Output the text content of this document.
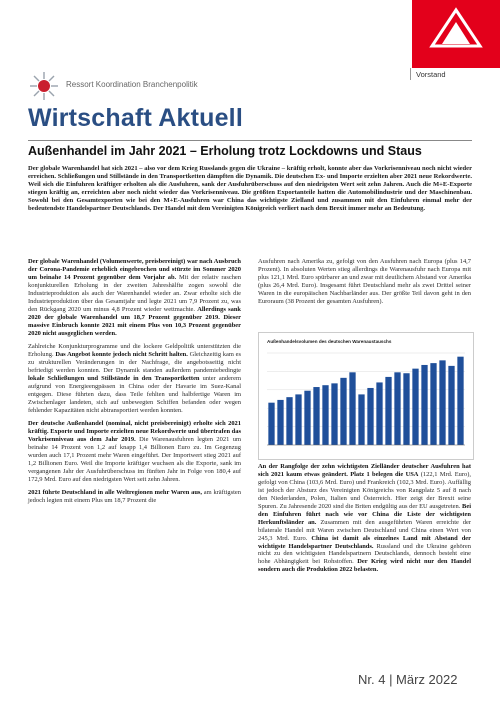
Vorstand
Ressort Koordination Branchenpolitik
Wirtschaft Aktuell
Außenhandel im Jahr 2021 – Erholung trotz Lockdowns und Staus
Der globale Warenhandel hat sich 2021 – also vor dem Krieg Russlands gegen die Ukraine – kräftig erholt, konnte aber das Vorkrisenniveau noch nicht wieder erreichen. Schließungen und Stillstände in den Transportketten dämpften die Dynamik. Die deutschen Ex- und Importe erzielten aber 2021 neue Rekordwerte. Weil sich die Einfuhren kräftiger erholten als die Ausfuhren, sank der Ausfuhrüberschuss auf den niedrigsten Wert seit zehn Jahren. Auch die M+E-Exporte stiegen kräftig an, erreichten aber noch nicht wieder das Vorkrisenniveau. Die größten Exportanteile hatten die Automobilindustrie und der Maschinenbau. Sowohl bei den Gesamtexporten wie bei den M+E-Ausfuhren war China das wichtigste Zielland und zusammen mit den Einfuhren einmal mehr der bedeutendste Handelspartner Deutschlands. Der Handel mit dem Vereinigten Königreich verliert nach dem Brexit immer mehr an Bedeutung.

Der globale Warenhandel (Volumenwerte, preisbereinigt) war nach Ausbruch der Corona-Pandemie erheblich eingebrochen und stürzte im Sommer 2020 um beinahe 14 Prozent gegenüber dem Vorjahr ab. Mit der relativ raschen konjunkturellen Erholung in der zweiten Jahreshälfte zogen sowohl die Industrieproduktion als auch der Warenhandel wieder an. Zwar erholte sich die Industrieproduktion über das Gesamtjahr und legte 2021 um 7,9 Prozent zu, was den Rückgang 2020 um minus 4,8 Prozent wieder wettmachte. Allerdings sank 2020 der globale Warenhandel um 18,7 Prozent gegenüber 2019. Dieser massive Einbruch konnte 2021 mit einem Plus von 10,3 Prozent gegenüber 2020 nicht ausgeglichen werden.

Zahlreiche Konjunkturprogramme und die lockere Geldpolitik unterstützten die Erholung. Das Angebot konnte jedoch nicht Schritt halten. Gleichzeitig kam es zu strukturellen Veränderungen in der Nachfrage, die angebotsseitig nicht befriedigt werden konnten. Der Dynamik standen außerdem pandemiebedingte lokale Schließungen und Stillstände in den Transportketten unter anderem aufgrund von Energieengpässen in China oder der Havarie im Suez-Kanal entgegen. Diese führten dazu, dass Teile fehlten und halbfertige Waren im Zwischenlager landeten, sich auf unbewegten Schiffen befanden oder wegen fehlender Kapazitäten nicht abtransportiert werden konnten.

Der deutsche Außenhandel (nominal, nicht preisbereinigt) erholte sich 2021 kräftig. Exporte und Importe erzielten neue Rekordwerte und übertrafen das Vorkrisenniveau aus dem Jahr 2019. Die Warenausfuhren legten 2021 um beinahe 14 Prozent von 1,2 auf knapp 1,4 Billionen Euro zu. Im Gegenzug wurden auch 17,1 Prozent mehr Waren eingeführt. Der Importwert stieg 2021 auf 1,2 Billionen Euro. Weil die Importe kräftiger wuchsen als die Exporte, sank im vergangenen Jahr der Ausfuhrüberschuss im fünften Jahr in Folge von 180,4 auf 172,9 Mrd. Euro auf den niedrigsten Wert seit zehn Jahren.

2021 führte Deutschland in alle Weltregionen mehr Waren aus, am kräftigsten jedoch legten mit einem Plus um 18,7 Prozent die

Ausfuhren nach Amerika zu, gefolgt von den Ausfuhren nach Europa (plus 14,7 Prozent). In absoluten Werten stieg allerdings die Warenausfuhr nach Europa mit plus 121,1 Mrd. Euro spürbarer an und zwar mit deutlichem Abstand vor Amerika (plus 26,4 Mrd. Euro). Insgesamt führt Deutschland mehr als zwei Drittel seiner Waren in die europäischen Nachbarländer aus. Der größte Teil davon geht in den Euroraum (38 Prozent der gesamten Ausfuhren).

Außenhandelsvolumen des deutschen Warenaustauschs

An der Rangfolge der zehn wichtigsten Zielländer deutscher Ausfuhren hat sich 2021 kaum etwas geändert. Platz 1 belegen die USA (122,1 Mrd. Euro), gefolgt von China (103,6 Mrd. Euro) und Frankreich (102,3 Mrd. Euro). Auffällig ist jedoch der Absturz des Vereinigten Königreichs von Rangplatz 5 auf 8 nach den Niederlanden, Polen, Italien und Österreich. Hier zeigt der Brexit seine Spuren. Zu Jahresende 2020 sind die Briten endgültig aus der EU ausgetreten. Bei den Einfuhren führt nach wie vor China die Liste der wichtigsten Herkunftsländer an. Zusammen mit den ausgeführten Waren erreichte der bilaterale Handel mit Waren zwischen Deutschland und China einen Wert von 245,3 Mrd. Euro. China ist damit als einzelnes Land mit Abstand der wichtigste Handelspartner Deutschlands. Russland und die Ukraine gehören nicht zu den wichtigsten Handelspartnern Deutschlands, dennoch besteht eine hohe Abhängigkeit bei Rohstoffen. Der Krieg wird nicht nur den Handel sondern auch die Produktion 2022 belasten.

Nr. 4 | März 2022
